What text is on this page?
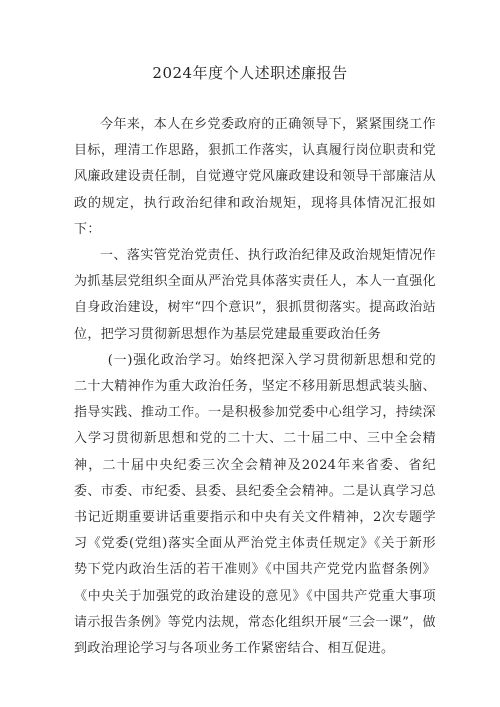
2024年度个人述职述廉报告

今年来，本人在乡党委政府的正确领导下，紧紧围绕工作目标，理清工作思路，狠抓工作落实，认真履行岗位职责和党风廉政建设责任制，自觉遵守党风廉政建设和领导干部廉洁从政的规定，执行政治纪律和政治规矩，现将具体情况汇报如下：

一、落实管党治党责任、执行政治纪律及政治规矩情况作为抓基层党组织全面从严治党具体落实责任人，本人一直强化自身政治建设，树牢“四个意识”，狠抓贯彻落实。提高政治站位，把学习贯彻新思想作为基层党建最重要政治任务

(一)强化政治学习。始终把深入学习贯彻新思想和党的二十大精神作为重大政治任务，坚定不移用新思想武装头脑、指导实践、推动工作。一是积极参加党委中心组学习，持续深入学习贯彻新思想和党的二十大、二十届二中、三中全会精神，二十届中央纪委三次全会精神及2024年来省委、省纪委、市委、市纪委、县委、县纪委全会精神。二是认真学习总书记近期重要讲话重要指示和中央有关文件精神，2次专题学习《党委(党组)落实全面从严治党主体责任规定》《关于新形势下党内政治生活的若干准则》《中国共产党党内监督条例》《中央关于加强党的政治建设的意见》《中国共产党重大事项请示报告条例》等党内法规，常态化组织开展“三会一课”，做到政治理论学习与各项业务工作紧密结合、相互促进。
